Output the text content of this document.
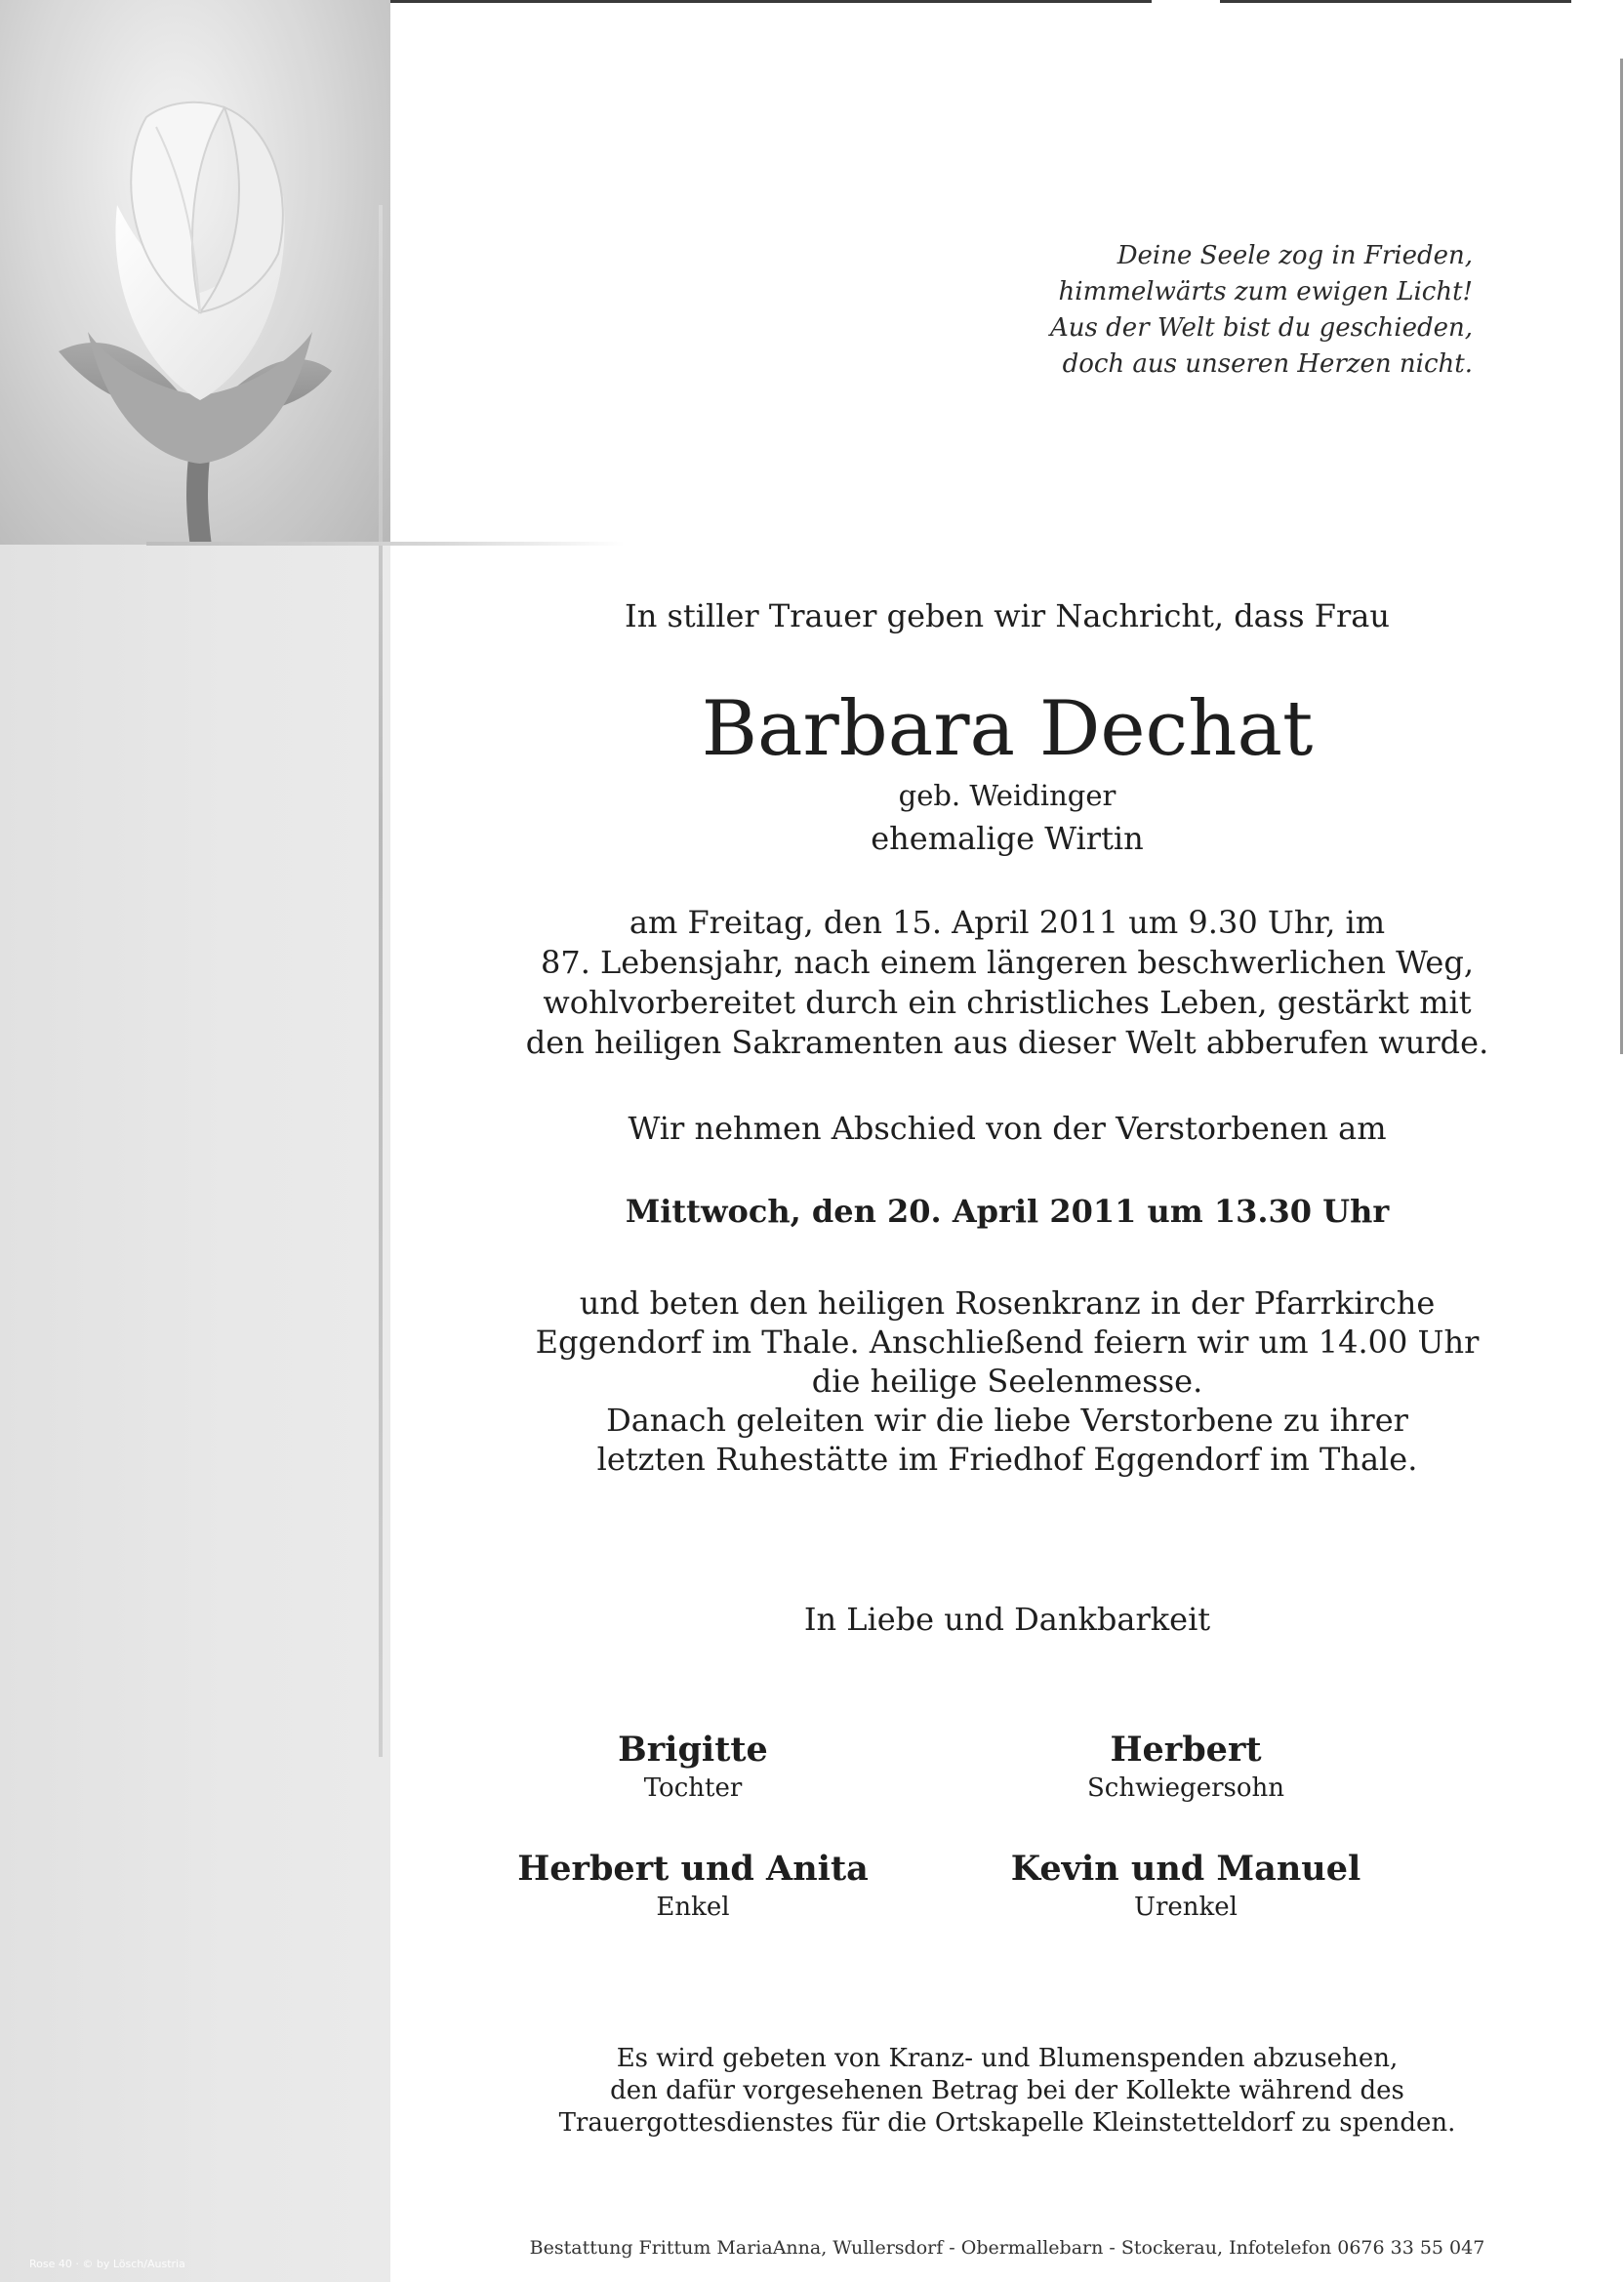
Rose 40 · © by Lösch/Austria
Deine Seele zog in Frieden,
himmelwärts zum ewigen Licht!
Aus der Welt bist du geschieden,
doch aus unseren Herzen nicht.
In stiller Trauer geben wir Nachricht, dass Frau
Barbara Dechat
geb. Weidinger
ehemalige Wirtin
am Freitag, den 15. April 2011 um 9.30 Uhr, im
87. Lebensjahr, nach einem längeren beschwerlichen Weg,
wohlvorbereitet durch ein christliches Leben, gestärkt mit
den heiligen Sakramenten aus dieser Welt abberufen wurde.
Wir nehmen Abschied von der Verstorbenen am
Mittwoch, den 20. April 2011 um 13.30 Uhr
und beten den heiligen Rosenkranz in der Pfarrkirche
Eggendorf im Thale. Anschließend feiern wir um 14.00 Uhr
die heilige Seelenmesse.
Danach geleiten wir die liebe Verstorbene zu ihrer
letzten Ruhestätte im Friedhof Eggendorf im Thale.
In Liebe und Dankbarkeit
Brigitte
Tochter
Herbert
Schwiegersohn
Herbert und Anita
Enkel
Kevin und Manuel
Urenkel
Es wird gebeten von Kranz- und Blumenspenden abzusehen,
den dafür vorgesehenen Betrag bei der Kollekte während des
Trauergottesdienstes für die Ortskapelle Kleinstetteldorf zu spenden.
Bestattung Frittum MariaAnna, Wullersdorf - Obermallebarn - Stockerau, Infotelefon 0676 33 55 047
